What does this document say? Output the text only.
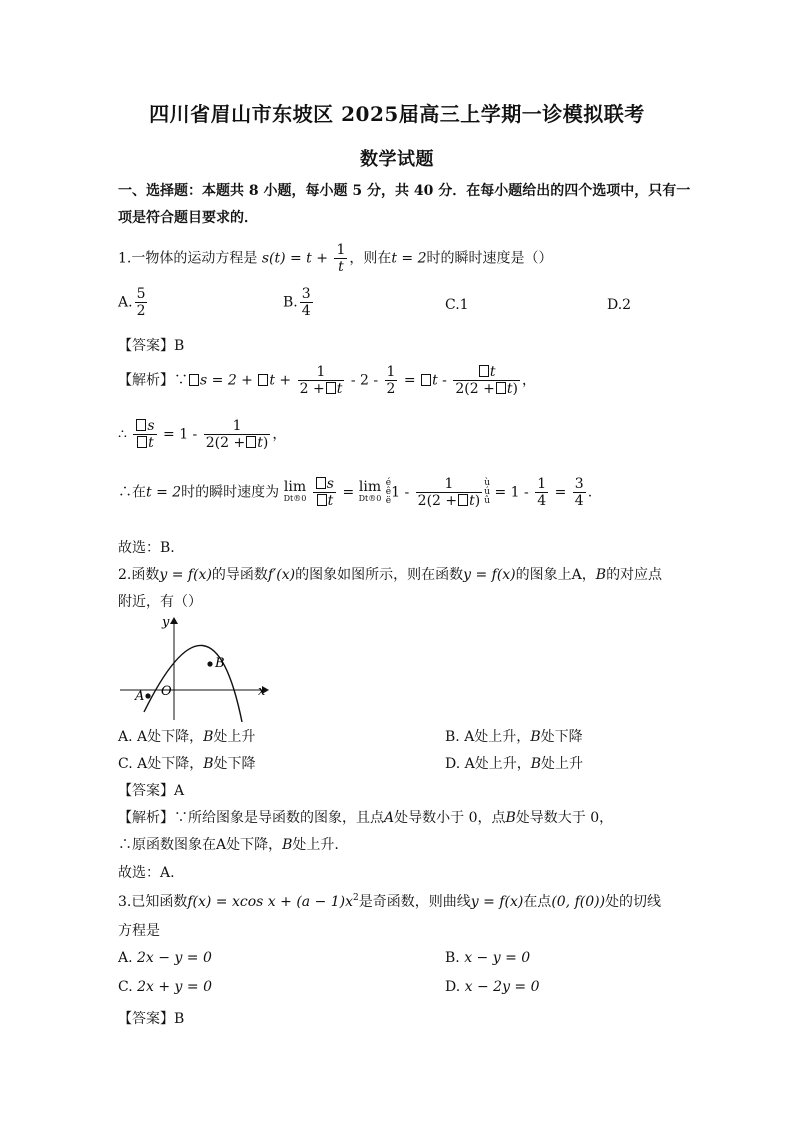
四川省眉山市东坡区 2025届高三上学期一诊模拟联考
数学试题
一、选择题：本题共 8 小题，每小题 5 分，共 40 分．在每小题给出的四个选项中，只有一
项是符合题目要求的．
1.一物体的运动方程是 $s(t) = t + \frac{1}{t}$ ，则在t = 2时的瞬时速度是（）
A. $\frac{5}{2}$	B. $\frac{3}{4}$	C.1	D.2
【答案】B
【解析】∵ $s = 2 + t + \frac{1}{2 + t} - 2 - \frac{1}{2} = t - \frac{t}{2(2 + t)}$ ，
∴ $\frac{s}{t} = 1 - \frac{1}{2(2 + t)}$ ，
∴在t = 2时的瞬时速度为 lim
Dt®0
$\frac{s}{t} = \lim$
Dt®0
é
ê
ë1 - $\frac{1}{2(2 + t)}$ ù
ú
û = $1 - \frac{1}{4} = \frac{3}{4}$ .
故选：B.
2.函数y = f(x)的导函数f′(x)的图象如图所示，则在函数y = f(x)的图象上A，B的对应点
附近，有（）
y
x
O
A
B
A. A处下降，B处上升	B. A处上升，B处下降
C. A处下降，B处下降	D. A处上升，B处上升
【答案】A
【解析】∵所给图象是导函数的图象，且点A处导数小于 0，点B处导数大于 0，
∴原函数图象在A处下降，B处上升.
故选：A.
3.已知函数f(x) = xcos $x + (a - 1)x^2$是奇函数，则曲线y = f(x)在点(0, f(0))处的切线
方程是
A. 2x − y = 0	B. x − y = 0
C. 2x + y = 0	D. x − 2y = 0
【答案】B
